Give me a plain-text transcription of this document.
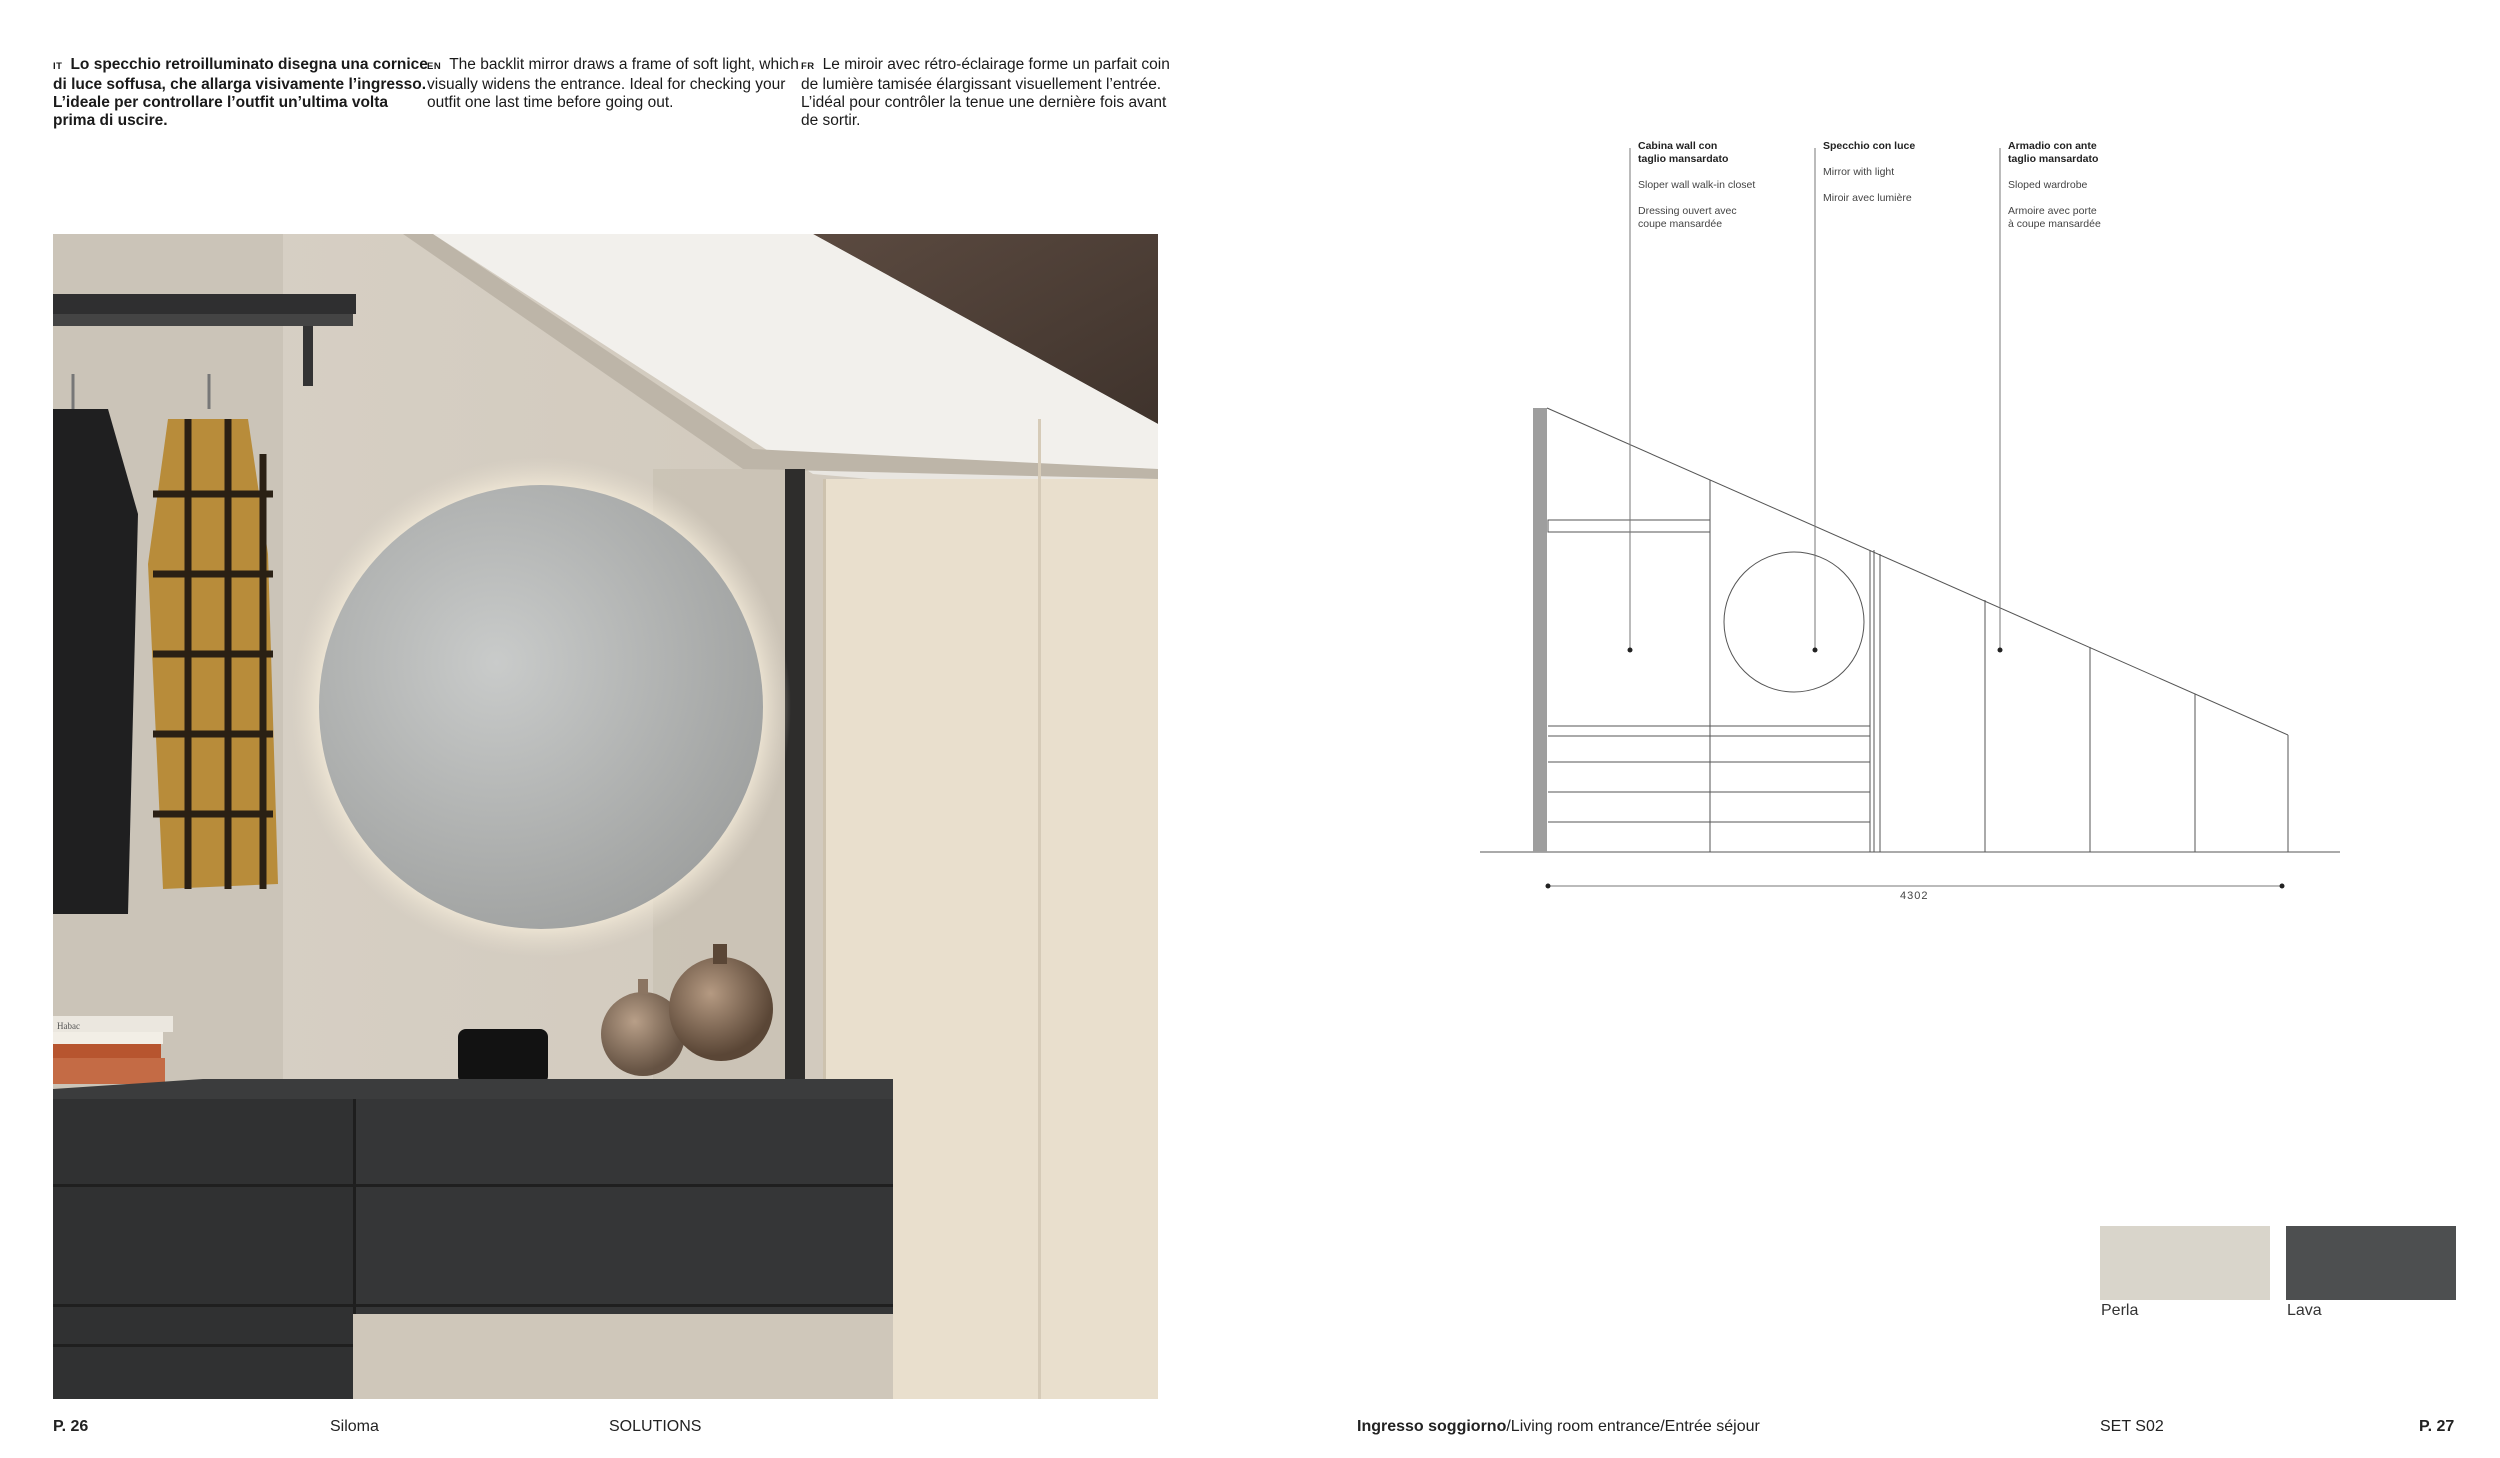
IT Lo specchio retroilluminato disegna una cornice di luce soffusa, che allarga visivamente l’ingresso. L’ideale per controllare l’outfit un’ultima volta prima di uscire.

EN The backlit mirror draws a frame of soft light, which visually widens the entrance. Ideal for checking your outfit one last time before going out.

FR Le miroir avec rétro-éclairage forme un parfait coin de lumière tamisée élargissant visuellement l’entrée. L’idéal pour contrôler la tenue une dernière fois avant de sortir.

Habac
Cabina wall con
taglio mansardato
Sloper wall walk-in closet
Dressing ouvert avec
coupe mansardée
Specchio con luce
Mirror with light
Miroir avec lumière
Armadio con ante
taglio mansardato
Sloped wardrobe
Armoire avec porte
à coupe mansardée
4302
Perla	Lava
P. 26	Siloma	SOLUTIONS	Ingresso soggiorno/Living room entrance/Entrée séjour	SET S02	P. 27
